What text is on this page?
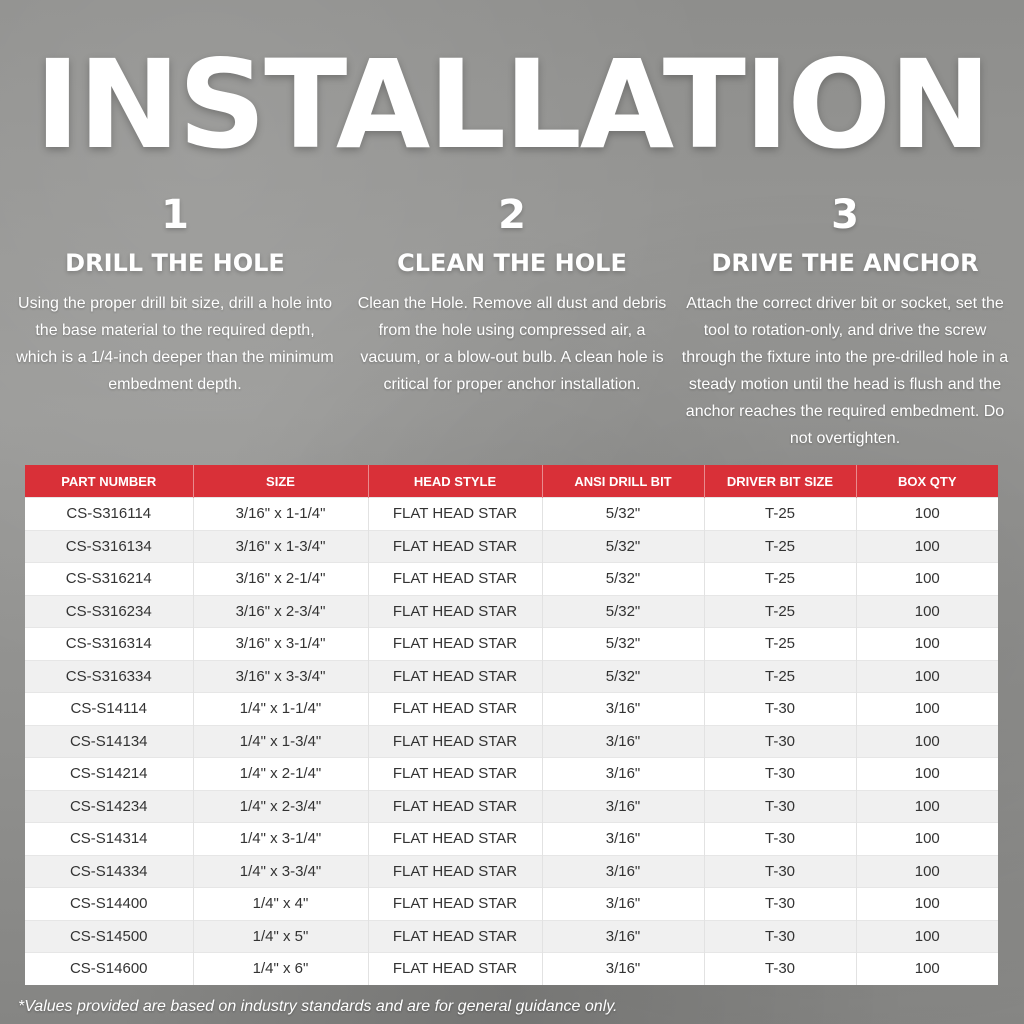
INSTALLATION
1
DRILL THE HOLE
Using the proper drill bit size, drill a hole into the base material to the required depth, which is a 1/4-inch deeper than the minimum embedment depth.
2
CLEAN THE HOLE
Clean the Hole. Remove all dust and debris from the hole using compressed air, a vacuum, or a blow-out bulb. A clean hole is critical for proper anchor installation.
3
DRIVE THE ANCHOR
Attach the correct driver bit or socket, set the tool to rotation-only, and drive the screw through the fixture into the pre-drilled hole in a steady motion until the head is flush and the anchor reaches the required embedment. Do not overtighten.
PART NUMBER	SIZE	HEAD STYLE	ANSI DRILL BIT	DRIVER BIT SIZE	BOX QTY
CS-S316114	3/16" x 1-1/4"	FLAT HEAD STAR	5/32"	T-25	100
CS-S316134	3/16" x 1-3/4"	FLAT HEAD STAR	5/32"	T-25	100
CS-S316214	3/16" x 2-1/4"	FLAT HEAD STAR	5/32"	T-25	100
CS-S316234	3/16" x 2-3/4"	FLAT HEAD STAR	5/32"	T-25	100
CS-S316314	3/16" x 3-1/4"	FLAT HEAD STAR	5/32"	T-25	100
CS-S316334	3/16" x 3-3/4"	FLAT HEAD STAR	5/32"	T-25	100
CS-S14114	1/4" x 1-1/4"	FLAT HEAD STAR	3/16"	T-30	100
CS-S14134	1/4" x 1-3/4"	FLAT HEAD STAR	3/16"	T-30	100
CS-S14214	1/4" x 2-1/4"	FLAT HEAD STAR	3/16"	T-30	100
CS-S14234	1/4" x 2-3/4"	FLAT HEAD STAR	3/16"	T-30	100
CS-S14314	1/4" x 3-1/4"	FLAT HEAD STAR	3/16"	T-30	100
CS-S14334	1/4" x 3-3/4"	FLAT HEAD STAR	3/16"	T-30	100
CS-S14400	1/4" x 4"	FLAT HEAD STAR	3/16"	T-30	100
CS-S14500	1/4" x 5"	FLAT HEAD STAR	3/16"	T-30	100
CS-S14600	1/4" x 6"	FLAT HEAD STAR	3/16"	T-30	100
*Values provided are based on industry standards and are for general guidance only.
